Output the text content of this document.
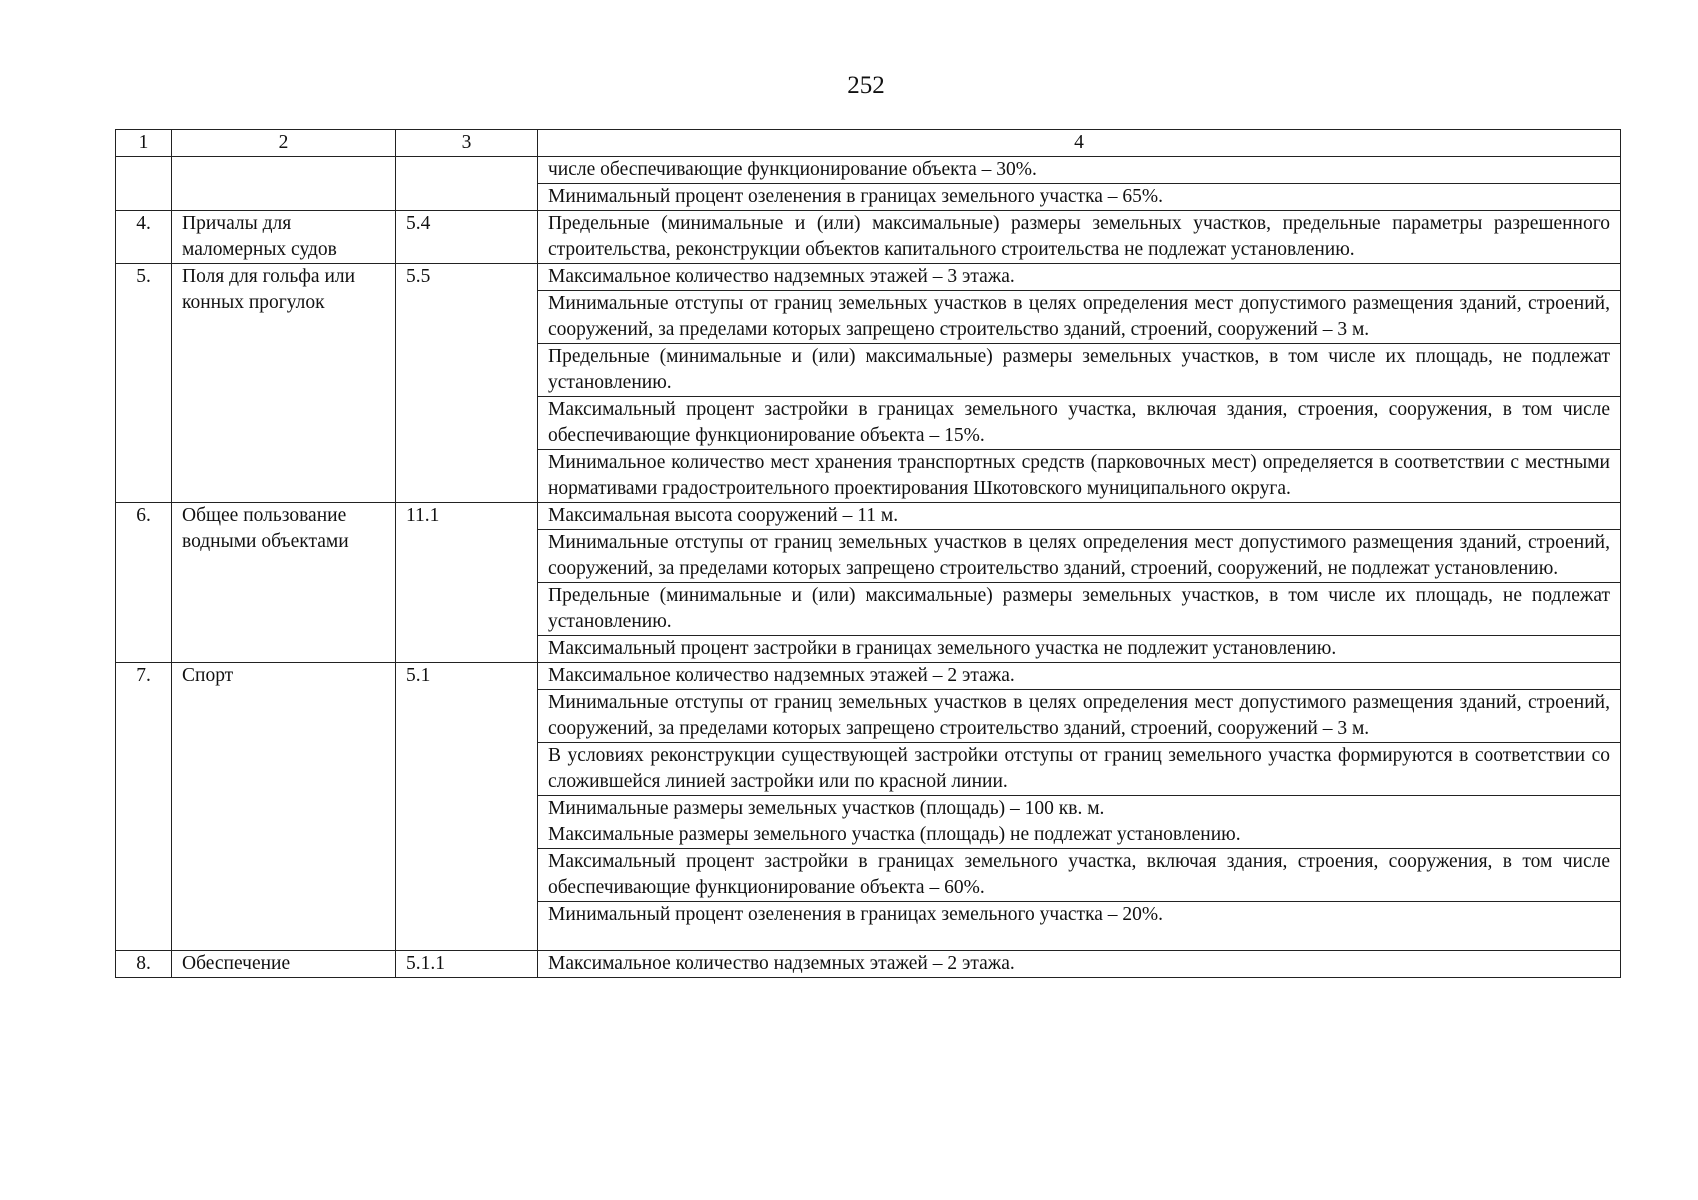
252
1	2	3	4
			числе обеспечивающие функционирование объекта – 30%.
			Минимальный процент озеленения в границах земельного участка – 65%.
4.	Причалы для маломерных судов	5.4	Предельные (минимальные и (или) максимальные) размеры земельных участков, предельные параметры разрешенного строительства, реконструкции объектов капитального строительства не подлежат установлению.
5.	Поля для гольфа или конных прогулок	5.5	Максимальное количество надземных этажей – 3 этажа.
			Минимальные отступы от границ земельных участков в целях определения мест допустимого размещения зданий, строений, сооружений, за пределами которых запрещено строительство зданий, строений, сооружений – 3 м.
			Предельные (минимальные и (или) максимальные) размеры земельных участков, в том числе их площадь, не подлежат установлению.
			Максимальный процент застройки в границах земельного участка, включая здания, строения, сооружения, в том числе обеспечивающие функционирование объекта – 15%.
			Минимальное количество мест хранения транспортных средств (парковочных мест) определяется в соответствии с местными нормативами градостроительного проектирования Шкотовского муниципального округа.
6.	Общее пользование водными объектами	11.1	Максимальная высота сооружений – 11 м.
			Минимальные отступы от границ земельных участков в целях определения мест допустимого размещения зданий, строений, сооружений, за пределами которых запрещено строительство зданий, строений, сооружений, не подлежат установлению.
			Предельные (минимальные и (или) максимальные) размеры земельных участков, в том числе их площадь, не подлежат установлению.
			Максимальный процент застройки в границах земельного участка не подлежит установлению.
7.	Спорт	5.1	Максимальное количество надземных этажей – 2 этажа.
			Минимальные отступы от границ земельных участков в целях определения мест допустимого размещения зданий, строений, сооружений, за пределами которых запрещено строительство зданий, строений, сооружений – 3 м.
			В условиях реконструкции существующей застройки отступы от границ земельного участка формируются в соответствии со сложившейся линией застройки или по красной линии.

			Минимальные размеры земельных участков (площадь) – 100 кв. м.
Максимальные размеры земельного участка (площадь) не подлежат установлению.

			Максимальный процент застройки в границах земельного участка, включая здания, строения, сооружения, в том числе обеспечивающие функционирование объекта – 60%.
			Минимальный процент озеленения в границах земельного участка – 20%.
8.	Обеспечение	5.1.1	Максимальное количество надземных этажей – 2 этажа.
